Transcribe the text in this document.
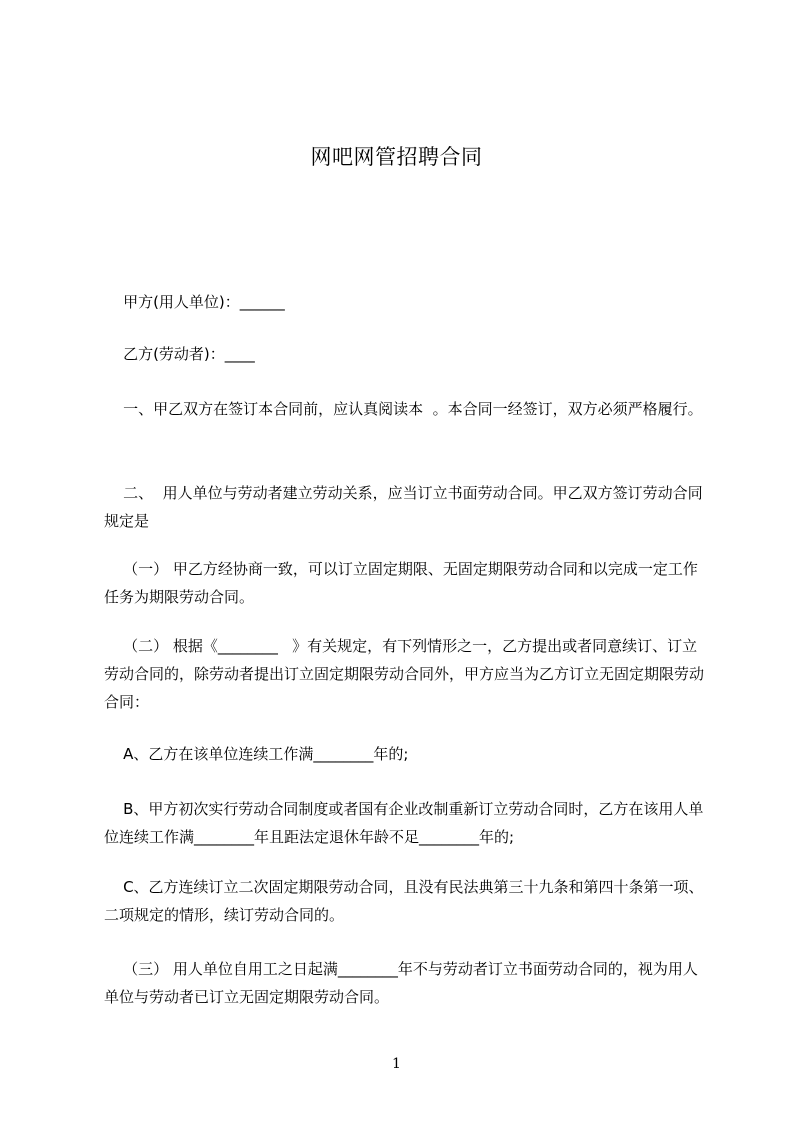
网吧网管招聘合同

甲方(用人单位)：______

乙方(劳动者)：____

一、甲乙双方在签订本合同前，应认真阅读本  。本合同一经签订，双方必须严格履行。

二、  用人单位与劳动者建立劳动关系，应当订立书面劳动合同。甲乙双方签订劳动合同规定是

（一） 甲乙方经协商一致，可以订立固定期限、无固定期限劳动合同和以完成一定工作任务为期限劳动合同。

（二） 根据《________   》有关规定，有下列情形之一，乙方提出或者同意续订、订立劳动合同的，除劳动者提出订立固定期限劳动合同外，甲方应当为乙方订立无固定期限劳动合同：

A、乙方在该单位连续工作满________年的;

B、甲方初次实行劳动合同制度或者国有企业改制重新订立劳动合同时，乙方在该用人单位连续工作满________年且距法定退休年龄不足________年的;

C、乙方连续订立二次固定期限劳动合同，且没有民法典第三十九条和第四十条第一项、二项规定的情形，续订劳动合同的。

（三） 用人单位自用工之日起满________年不与劳动者订立书面劳动合同的，视为用人单位与劳动者已订立无固定期限劳动合同。

1
